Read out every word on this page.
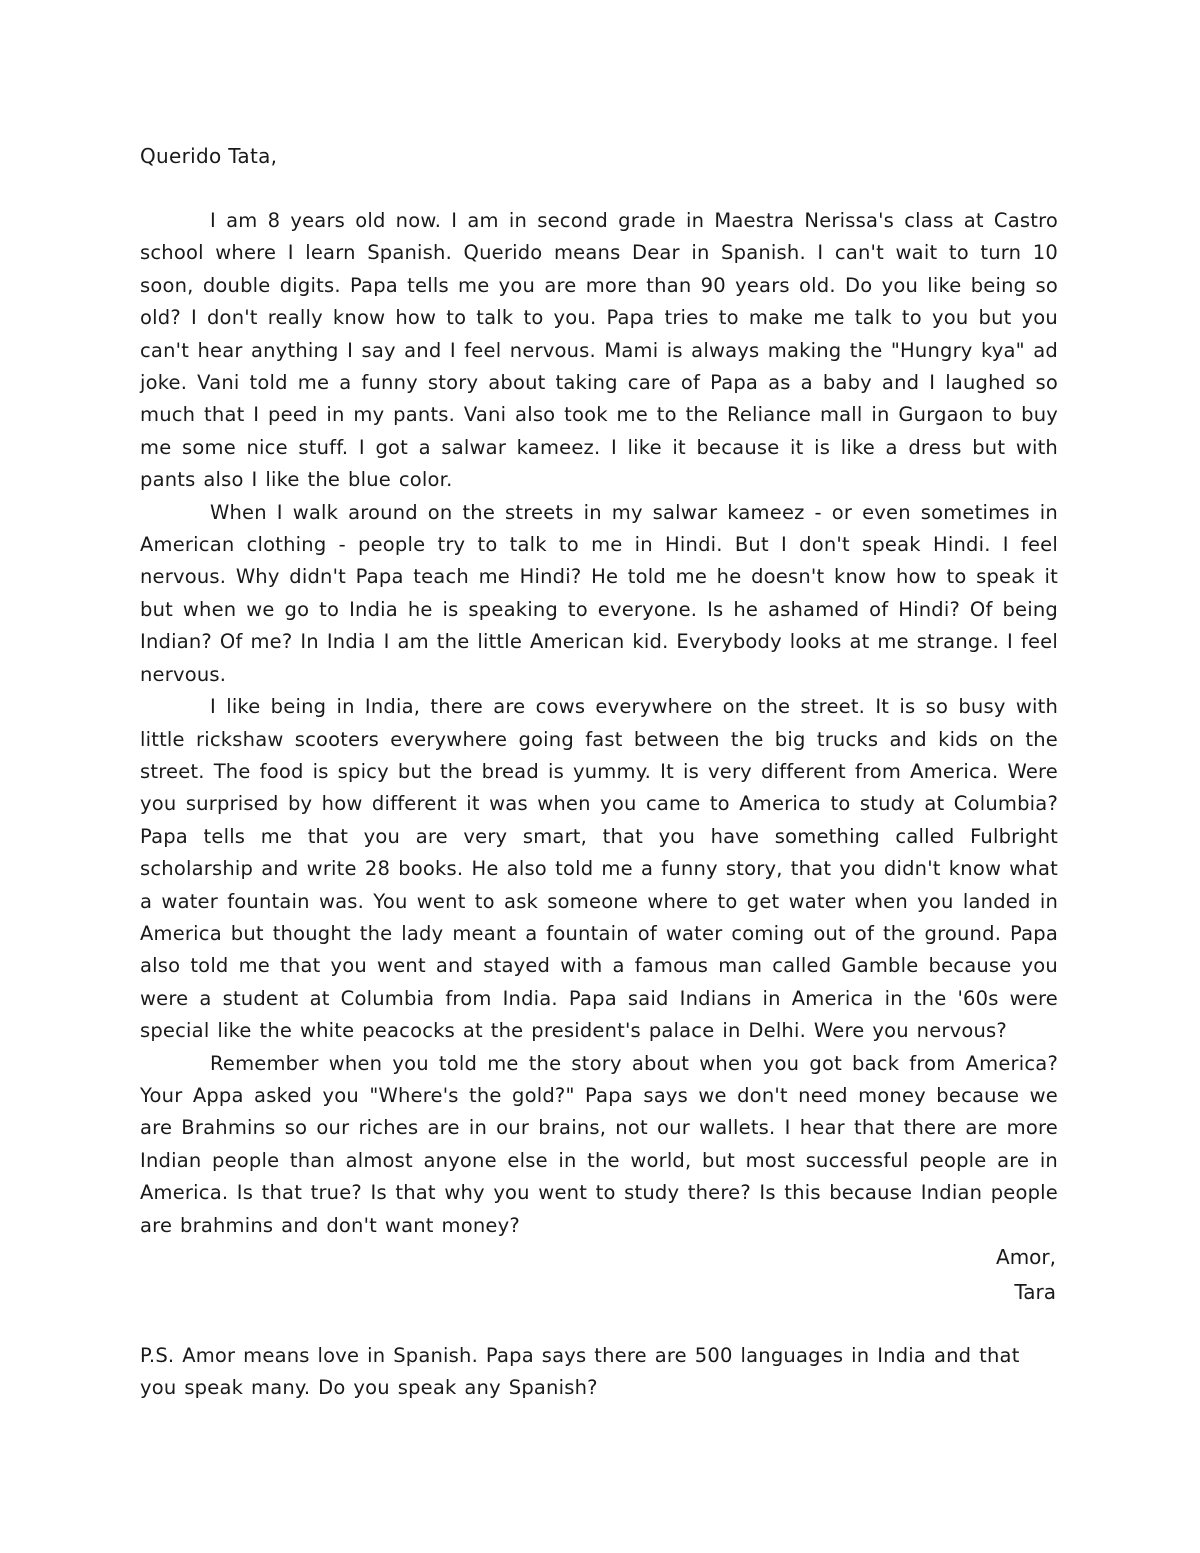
Querido Tata,

I am 8 years old now. I am in second grade in Maestra Nerissa's class at Castro school where I learn Spanish. Querido means Dear in Spanish. I can't wait to turn 10 soon, double digits. Papa tells me you are more than 90 years old. Do you like being so old? I don't really know how to talk to you. Papa tries to make me talk to you but you can't hear anything I say and I feel nervous. Mami is always making the "Hungry kya" ad joke. Vani told me a funny story about taking care of Papa as a baby and I laughed so much that I peed in my pants. Vani also took me to the Reliance mall in Gurgaon to buy me some nice stuff. I got a salwar kameez. I like it because it is like a dress but with pants also I like the blue color.

When I walk around on the streets in my salwar kameez - or even sometimes in American clothing - people try to talk to me in Hindi. But I don't speak Hindi. I feel nervous. Why didn't Papa teach me Hindi? He told me he doesn't know how to speak it but when we go to India he is speaking to everyone. Is he ashamed of Hindi? Of being Indian? Of me? In India I am the little American kid. Everybody looks at me strange. I feel nervous.

I like being in India, there are cows everywhere on the street. It is so busy with little rickshaw scooters everywhere going fast between the big trucks and kids on the street. The food is spicy but the bread is yummy. It is very different from America. Were you surprised by how different it was when you came to America to study at Columbia? Papa tells me that you are very smart, that you have something called Fulbright scholarship and write 28 books. He also told me a funny story, that you didn't know what a water fountain was. You went to ask someone where to get water when you landed in America but thought the lady meant a fountain of water coming out of the ground. Papa also told me that you went and stayed with a famous man called Gamble because you were a student at Columbia from India. Papa said Indians in America in the '60s were special like the white peacocks at the president's palace in Delhi. Were you nervous?

Remember when you told me the story about when you got back from America? Your Appa asked you "Where's the gold?" Papa says we don't need money because we are Brahmins so our riches are in our brains, not our wallets. I hear that there are more Indian people than almost anyone else in the world, but most successful people are in America. Is that true? Is that why you went to study there? Is this because Indian people are brahmins and don't want money?

Amor,
Tara
P.S. Amor means love in Spanish. Papa says there are 500 languages in India and that you speak many. Do you speak any Spanish?
